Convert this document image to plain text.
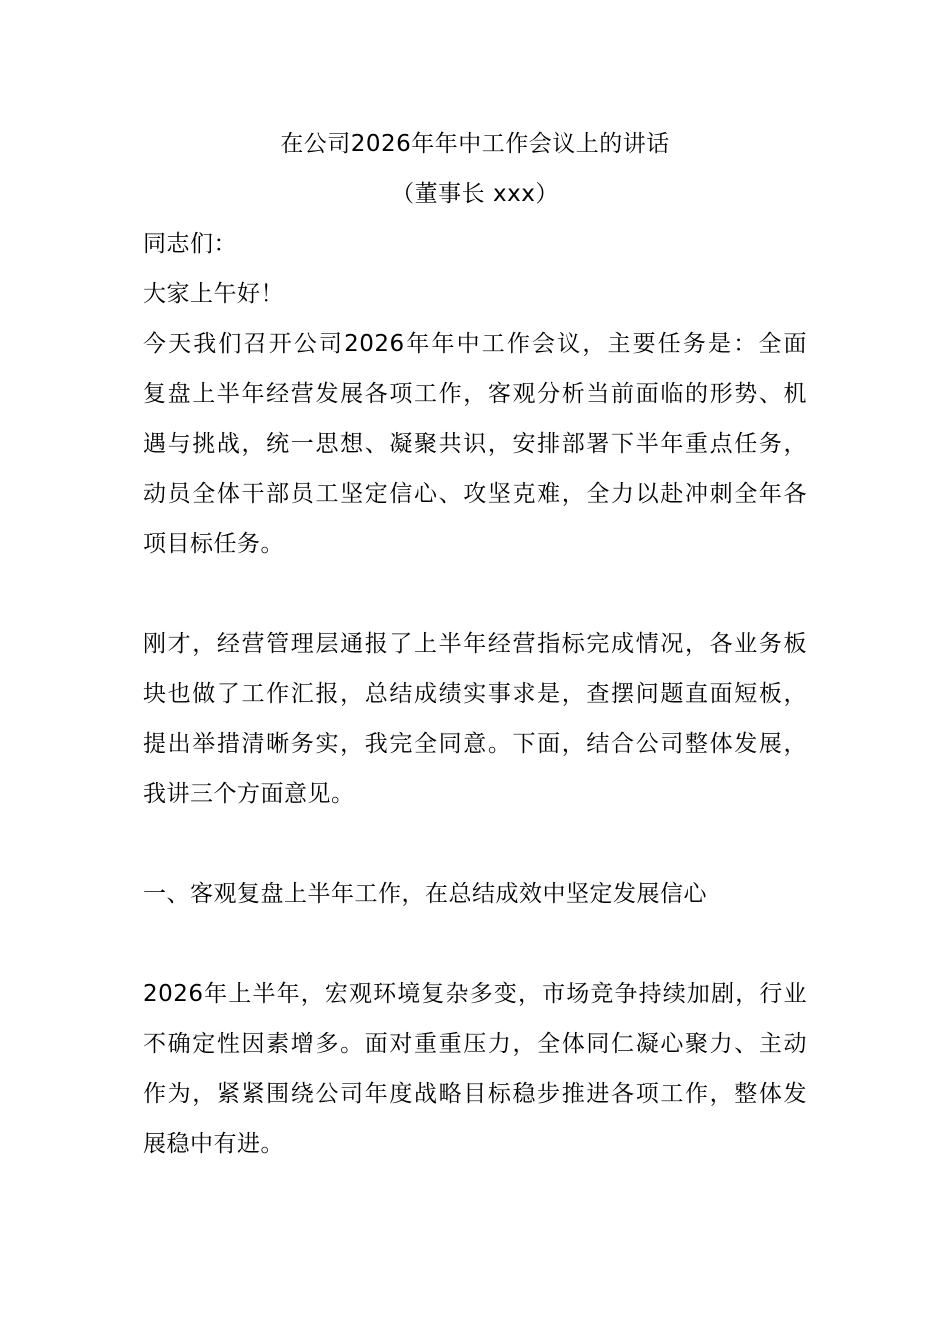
在公司2026年年中工作会议上的讲话
（董事长 xxx）
同志们：
大家上午好！
今天我们召开公司2026年年中工作会议，主要任务是：全面
复盘上半年经营发展各项工作，客观分析当前面临的形势、机
遇与挑战，统一思想、凝聚共识，安排部署下半年重点任务，
动员全体干部员工坚定信心、攻坚克难，全力以赴冲刺全年各
项目标任务。
刚才，经营管理层通报了上半年经营指标完成情况，各业务板
块也做了工作汇报，总结成绩实事求是，查摆问题直面短板，
提出举措清晰务实，我完全同意。下面，结合公司整体发展，
我讲三个方面意见。
一、客观复盘上半年工作，在总结成效中坚定发展信心
2026年上半年，宏观环境复杂多变，市场竞争持续加剧，行业
不确定性因素增多。面对重重压力，全体同仁凝心聚力、主动
作为，紧紧围绕公司年度战略目标稳步推进各项工作，整体发
展稳中有进。
